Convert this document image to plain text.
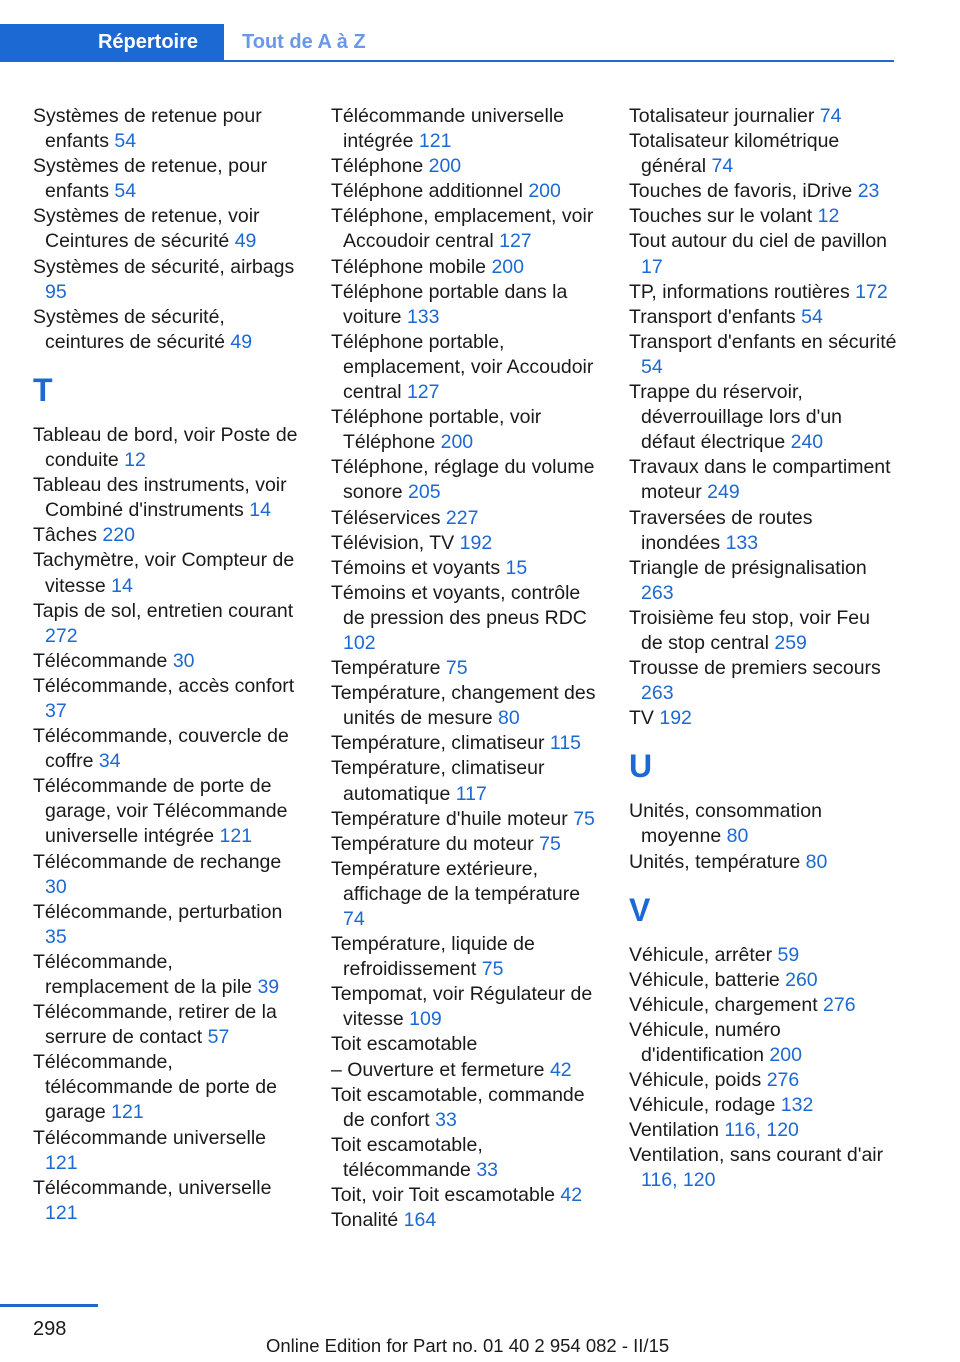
Répertoire	Tout de A à Z

Systèmes de retenue pour enfants 54

Systèmes de retenue, pour enfants 54

Systèmes de retenue, voir Ceintures de sécurité 49

Systèmes de sécurité, airbags 95

Systèmes de sécurité, ceintures de sécurité 49

T

Tableau de bord, voir Poste de conduite 12

Tableau des instruments, voir Combiné d'instruments 14

Tâches 220

Tachymètre, voir Compteur de vitesse 14

Tapis de sol, entretien courant 272

Télécommande 30

Télécommande, accès confort 37

Télécommande, couvercle de coffre 34

Télécommande de porte de garage, voir Télécommande universelle intégrée 121

Télécommande de rechange 30

Télécommande, perturbation 35

Télécommande, remplacement de la pile 39

Télécommande, retirer de la serrure de contact 57

Télécommande, télécommande de porte de garage 121

Télécommande universelle 121

Télécommande, universelle 121

Télécommande universelle intégrée 121

Téléphone 200

Téléphone additionnel 200

Téléphone, emplacement, voir Accoudoir central 127

Téléphone mobile 200

Téléphone portable dans la voiture 133

Téléphone portable, emplacement, voir Accoudoir central 127

Téléphone portable, voir Téléphone 200

Téléphone, réglage du volume sonore 205

Téléservices 227

Télévision, TV 192

Témoins et voyants 15

Témoins et voyants, contrôle de pression des pneus RDC 102

Température 75

Température, changement des unités de mesure 80

Température, climatiseur 115

Température, climatiseur automatique 117

Température d'huile moteur 75

Température du moteur 75

Température extérieure, affichage de la température 74

Température, liquide de refroidissement 75

Tempomat, voir Régulateur de vitesse 109

Toit escamotable

– Ouverture et fermeture 42

Toit escamotable, commande de confort 33

Toit escamotable, télécommande 33

Toit, voir Toit escamotable 42

Tonalité 164

Totalisateur journalier 74

Totalisateur kilométrique général 74

Touches de favoris, iDrive 23

Touches sur le volant 12

Tout autour du ciel de pavillon 17

TP, informations routières 172

Transport d'enfants 54

Transport d'enfants en sécurité 54

Trappe du réservoir, déverrouillage lors d'un défaut électrique 240

Travaux dans le compartiment moteur 249

Traversées de routes inondées 133

Triangle de présignalisation 263

Troisième feu stop, voir Feu de stop central 259

Trousse de premiers secours 263

TV 192

U

Unités, consommation moyenne 80

Unités, température 80

V

Véhicule, arrêter 59

Véhicule, batterie 260

Véhicule, chargement 276

Véhicule, numéro d'identification 200

Véhicule, poids 276

Véhicule, rodage 132

Ventilation 116, 120

Ventilation, sans courant d'air 116, 120

298
Online Edition for Part no. 01 40 2 954 082 - II/15
